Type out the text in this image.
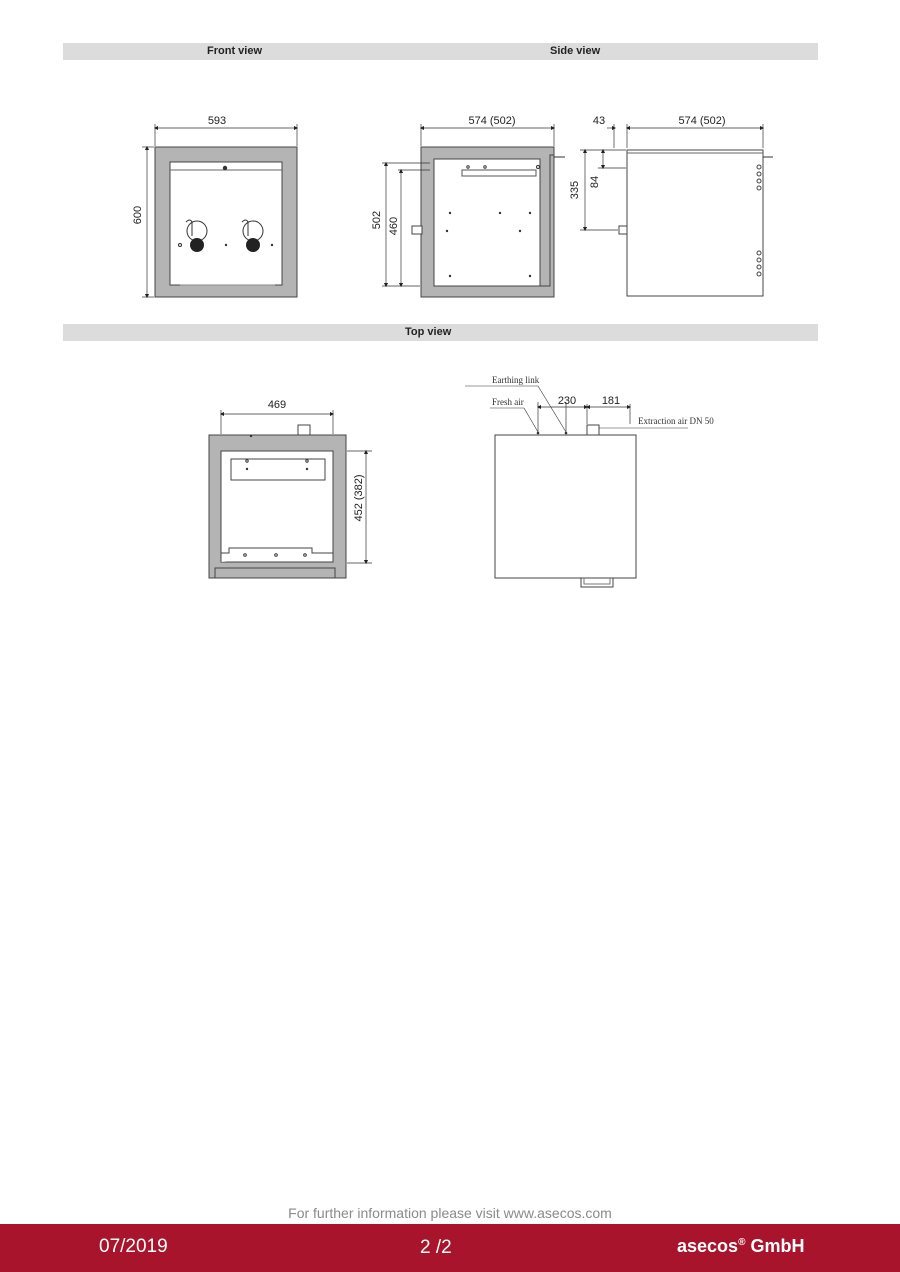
Front view	Side view
Top view
593
600
574 (502)
502 460
43	574 (502)
335 84
469
452 (382)
230 181
Earthing link
Fresh air
Extraction air DN 50
For further information please visit www.asecos.com
07/2019	2 /2	asecos® GmbH
